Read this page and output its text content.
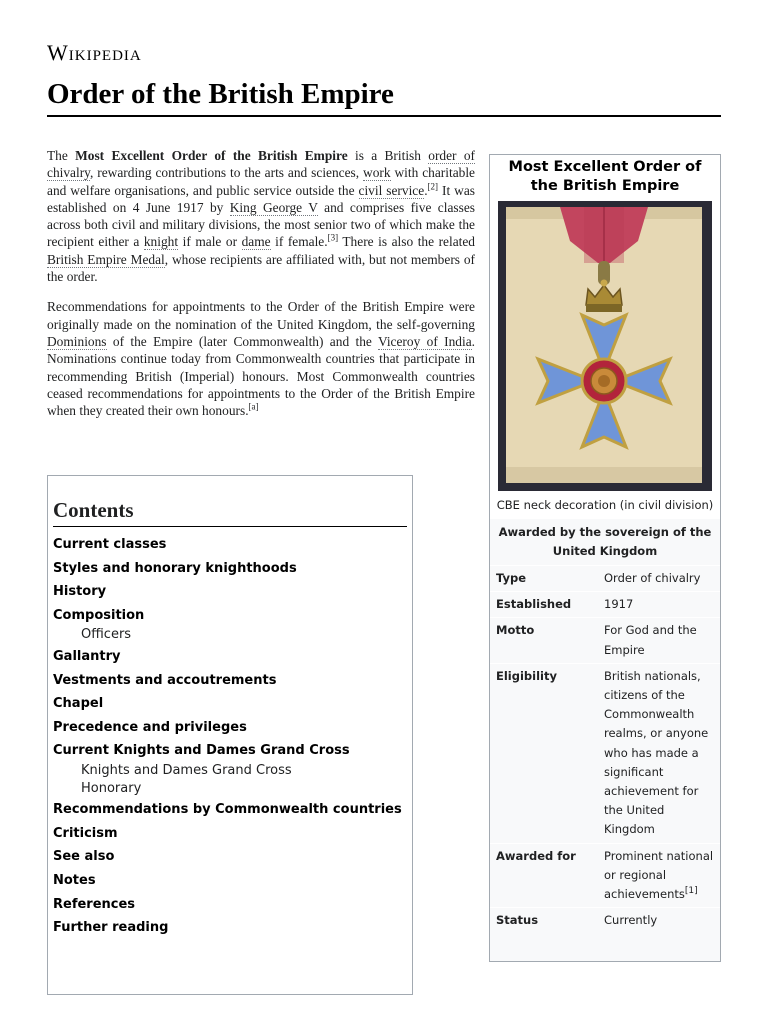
Wikipedia
Order of the British Empire

The Most Excellent Order of the British Empire is a British order of chivalry, rewarding contributions to the arts and sciences, work with charitable and welfare organisations, and public service outside the civil service.[2] It was established on 4 June 1917 by King George V and comprises five classes across both civil and military divisions, the most senior two of which make the recipient either a knight if male or dame if female.[3] There is also the related British Empire Medal, whose recipients are affiliated with, but not members of the order.

Recommendations for appointments to the Order of the British Empire were originally made on the nomination of the United Kingdom, the self-governing Dominions of the Empire (later Commonwealth) and the Viceroy of India. Nominations continue today from Commonwealth countries that participate in recommending British (Imperial) honours. Most Commonwealth countries ceased recommendations for appointments to the Order of the British Empire when they created their own honours.[a]

Contents
Current classes
Styles and honorary knighthoods
History
Composition
Officers
Gallantry
Vestments and accoutrements
Chapel
Precedence and privileges
Current Knights and Dames Grand Cross
Knights and Dames Grand Cross
Honorary
Recommendations by Commonwealth countries
Criticism
See also
Notes
References
Further reading
Most Excellent Order of the British Empire
CBE neck decoration (in civil division)
Awarded by the sovereign of the United Kingdom
Type	Order of chivalry
Established	1917
Motto	For God and the Empire
Eligibility	British nationals, citizens of the Commonwealth realms, or anyone who has made a significant achievement for the United Kingdom
Awarded for	Prominent national or regional achievements[1]
Status	Currently
